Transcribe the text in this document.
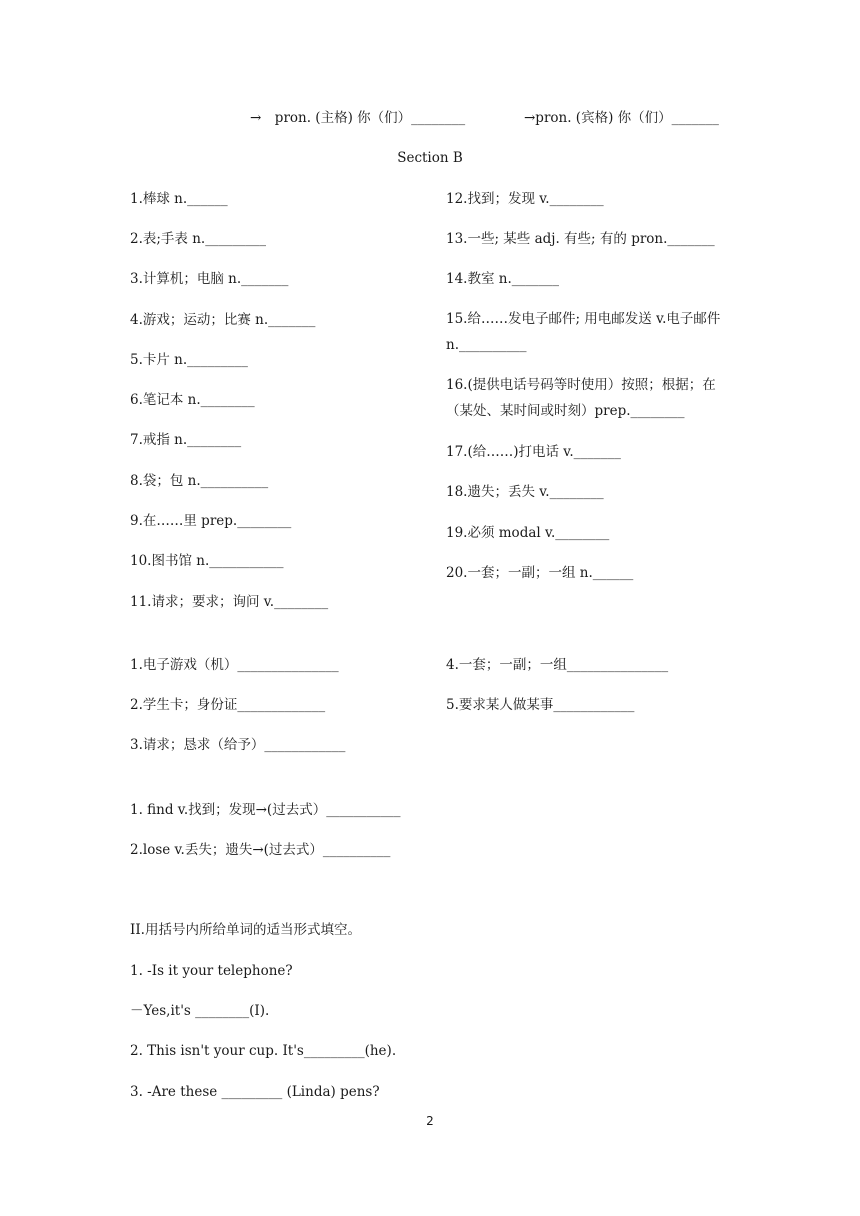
→　pron. (主格) 你（们）________	→pron. (宾格) 你（们）_______
Section B
1.棒球 n.______
2.表;手表 n._________
3.计算机；电脑 n._______
4.游戏；运动；比赛 n._______
5.卡片 n._________
6.笔记本 n.________
7.戒指 n.________
8.袋；包 n.__________
9.在……里 prep.________
10.图书馆 n.___________
11.请求；要求；询问 v.________
12.找到；发现 v.________
13.一些; 某些 adj. 有些; 有的 pron._______
14.教室 n._______
15.给……发电子邮件; 用电邮发送 v.电子邮件 n.__________
16.(提供电话号码等时使用）按照；根据；在（某处、某时间或时刻）prep.________
17.(给……)打电话 v._______
18.遗失；丢失 v.________
19.必须 modal v.________
20.一套；一副；一组 n.______
1.电子游戏（机）_______________
2.学生卡；身份证_____________
3.请求；恳求（给予）____________
4.一套；一副；一组_______________
5.要求某人做某事____________
1. find v.找到；发现→(过去式）___________
2.lose v.丢失；遗失→(过去式）__________
II.用括号内所给单词的适当形式填空。
1. -Is it your telephone?
－Yes,it's ________(I).
2. This isn't your cup. It's_________(he).
3. -Are these _________ (Linda) pens?
2
